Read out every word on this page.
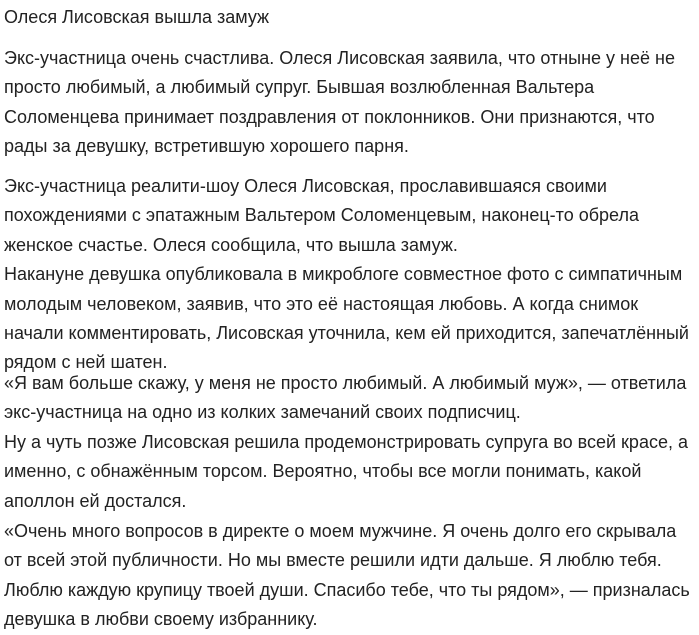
Олеся Лисовская вышла замуж

Экс-участница очень счастлива. Олеся Лисовская заявила, что отныне у неё не
просто любимый, а любимый супруг. Бывшая возлюбленная Вальтера
Соломенцева принимает поздравления от поклонников. Они признаются, что
рады за девушку, встретившую хорошего парня.

Экс-участница реалити-шоу Олеся Лисовская, прославившаяся своими
похождениями с эпатажным Вальтером Соломенцевым, наконец-то обрела
женское счастье. Олеся сообщила, что вышла замуж.
Накануне девушка опубликовала в микроблоге совместное фото с симпатичным
молодым человеком, заявив, что это её настоящая любовь. А когда снимок
начали комментировать, Лисовская уточнила, кем ей приходится, запечатлённый
рядом с ней шатен.

«Я вам больше скажу, у меня не просто любимый. А любимый муж», — ответила
экс-участница на одно из колких замечаний своих подписчиц.
Ну а чуть позже Лисовская решила продемонстрировать супруга во всей красе, а
именно, с обнажённым торсом. Вероятно, чтобы все могли понимать, какой
аполлон ей достался.

«Очень много вопросов в директе о моем мужчине. Я очень долго его скрывала
от всей этой публичности. Но мы вместе решили идти дальше. Я люблю тебя.
Люблю каждую крупицу твоей души. Спасибо тебе, что ты рядом», — призналась
девушка в любви своему избраннику.
